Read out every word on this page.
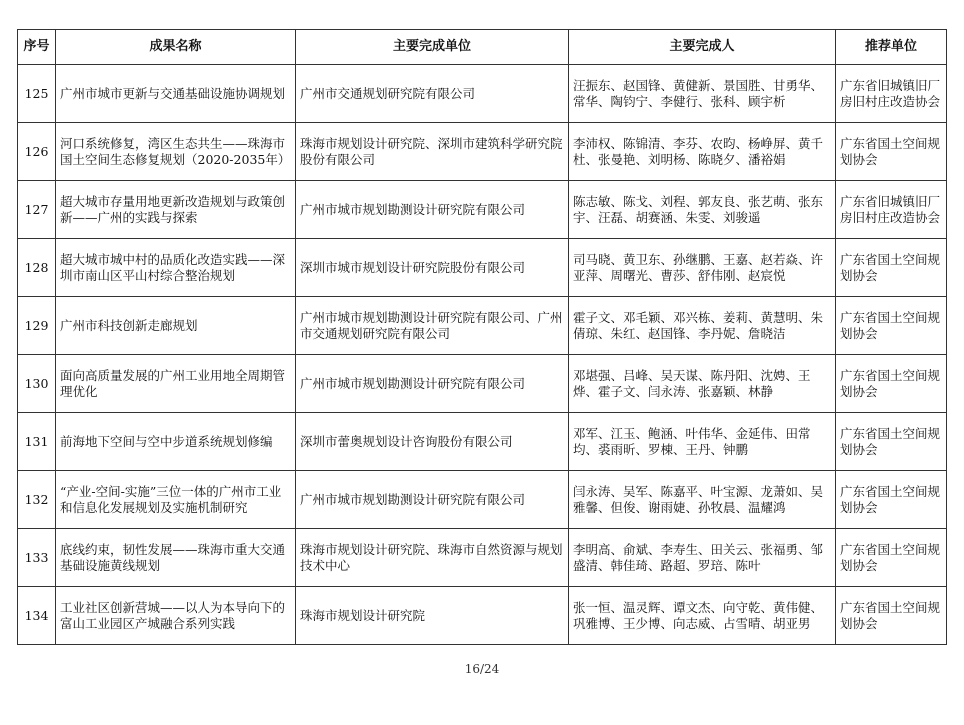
序号	成果名称	主要完成单位	主要完成人	推荐单位
125	广州市城市更新与交通基础设施协调规划	广州市交通规划研究院有限公司	汪振东、赵国锋、黄健新、景国胜、甘勇华、常华、陶钧宁、李健行、张科、顾宇析	广东省旧城镇旧厂房旧村庄改造协会
126	河口系统修复，湾区生态共生——珠海市国土空间生态修复规划（2020-2035年）	珠海市规划设计研究院、深圳市建筑科学研究院股份有限公司	李沛权、陈锦清、李芬、农昀、杨峥屏、黄千杜、张曼艳、刘明杨、陈晓夕、潘裕娟	广东省国土空间规划协会
127	超大城市存量用地更新改造规划与政策创新——广州的实践与探索	广州市城市规划勘测设计研究院有限公司	陈志敏、陈戈、刘程、郭友良、张艺萌、张东宇、汪磊、胡赛涵、朱雯、刘骏遥	广东省旧城镇旧厂房旧村庄改造协会
128	超大城市城中村的品质化改造实践——深圳市南山区平山村综合整治规划	深圳市城市规划设计研究院股份有限公司	司马晓、黄卫东、孙继鹏、王嘉、赵若焱、许亚萍、周曙光、曹莎、舒伟刚、赵宸悦	广东省国土空间规划协会
129	广州市科技创新走廊规划	广州市城市规划勘测设计研究院有限公司、广州市交通规划研究院有限公司	霍子文、邓毛颖、邓兴栋、姜莉、黄慧明、朱倩琼、朱红、赵国锋、李丹妮、詹晓洁	广东省国土空间规划协会
130	面向高质量发展的广州工业用地全周期管理优化	广州市城市规划勘测设计研究院有限公司	邓堪强、吕峰、吴天谋、陈丹阳、沈娉、王烨、霍子文、闫永涛、张嘉颖、林静	广东省国土空间规划协会
131	前海地下空间与空中步道系统规划修编	深圳市蕾奥规划设计咨询股份有限公司	邓军、江玉、鲍涵、叶伟华、金延伟、田常均、裘雨昕、罗棟、王丹、钟鹏	广东省国土空间规划协会
132	“产业-空间-实施”三位一体的广州市工业和信息化发展规划及实施机制研究	广州市城市规划勘测设计研究院有限公司	闫永涛、吴军、陈嘉平、叶宝源、龙萧如、吴雅馨、但俊、谢雨婕、孙牧晨、温耀鸿	广东省国土空间规划协会
133	底线约束，韧性发展——珠海市重大交通基础设施黄线规划	珠海市规划设计研究院、珠海市自然资源与规划技术中心	李明高、俞斌、李寿生、田关云、张福勇、邹盛清、韩佳琦、路超、罗琣、陈叶	广东省国土空间规划协会
134	工业社区创新营城——以人为本导向下的富山工业园区产城融合系列实践	珠海市规划设计研究院	张一恒、温灵辉、谭文杰、向守乾、黄伟健、巩雅博、王少博、向志威、占雪晴、胡亚男	广东省国土空间规划协会
16/24
